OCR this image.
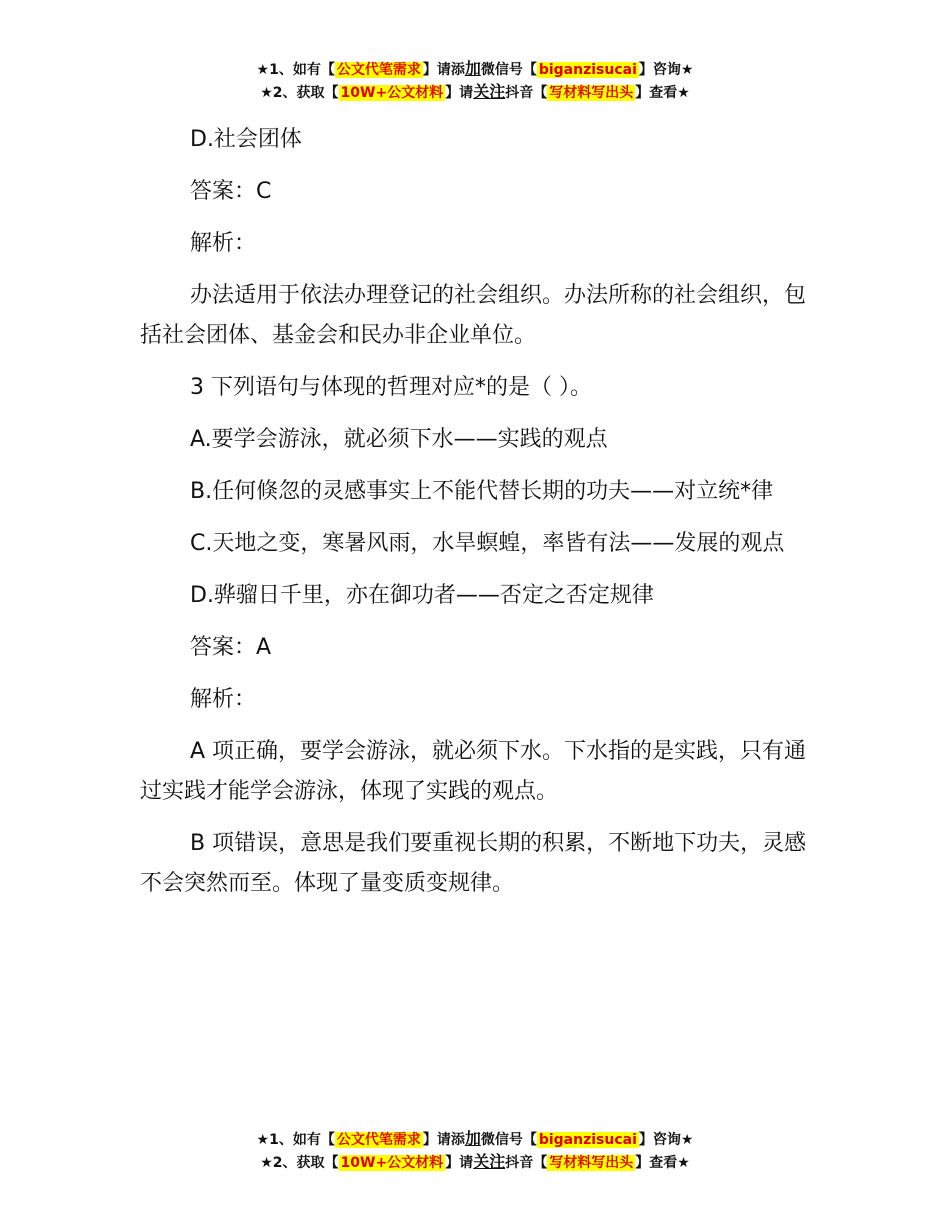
★1、如有【 公文代笔需求 】请添加微信号【 biganzisucai 】咨询★
★2、获取【 10W+公文材料 】请关注抖音【 写材料写出头 】查看★

D.社会团体

答案：C

解析：

办法适用于依法办理登记的社会组织。办法所称的社会组织，包括社会团体、基金会和民办非企业单位。

3 下列语句与体现的哲理对应*的是（ ）。

A.要学会游泳，就必须下水——实践的观点

B.任何倏忽的灵感事实上不能代替长期的功夫——对立统*律

C.天地之变，寒暑风雨，水旱螟蝗，率皆有法——发展的观点

D.骅骝日千里，亦在御功者——否定之否定规律

答案：A

解析：

A 项正确，要学会游泳，就必须下水。下水指的是实践，只有通过实践才能学会游泳，体现了实践的观点。

B 项错误，意思是我们要重视长期的积累，不断地下功夫，灵感不会突然而至。体现了量变质变规律。

★1、如有【 公文代笔需求 】请添加微信号【 biganzisucai 】咨询★
★2、获取【 10W+公文材料 】请关注抖音【 写材料写出头 】查看★
